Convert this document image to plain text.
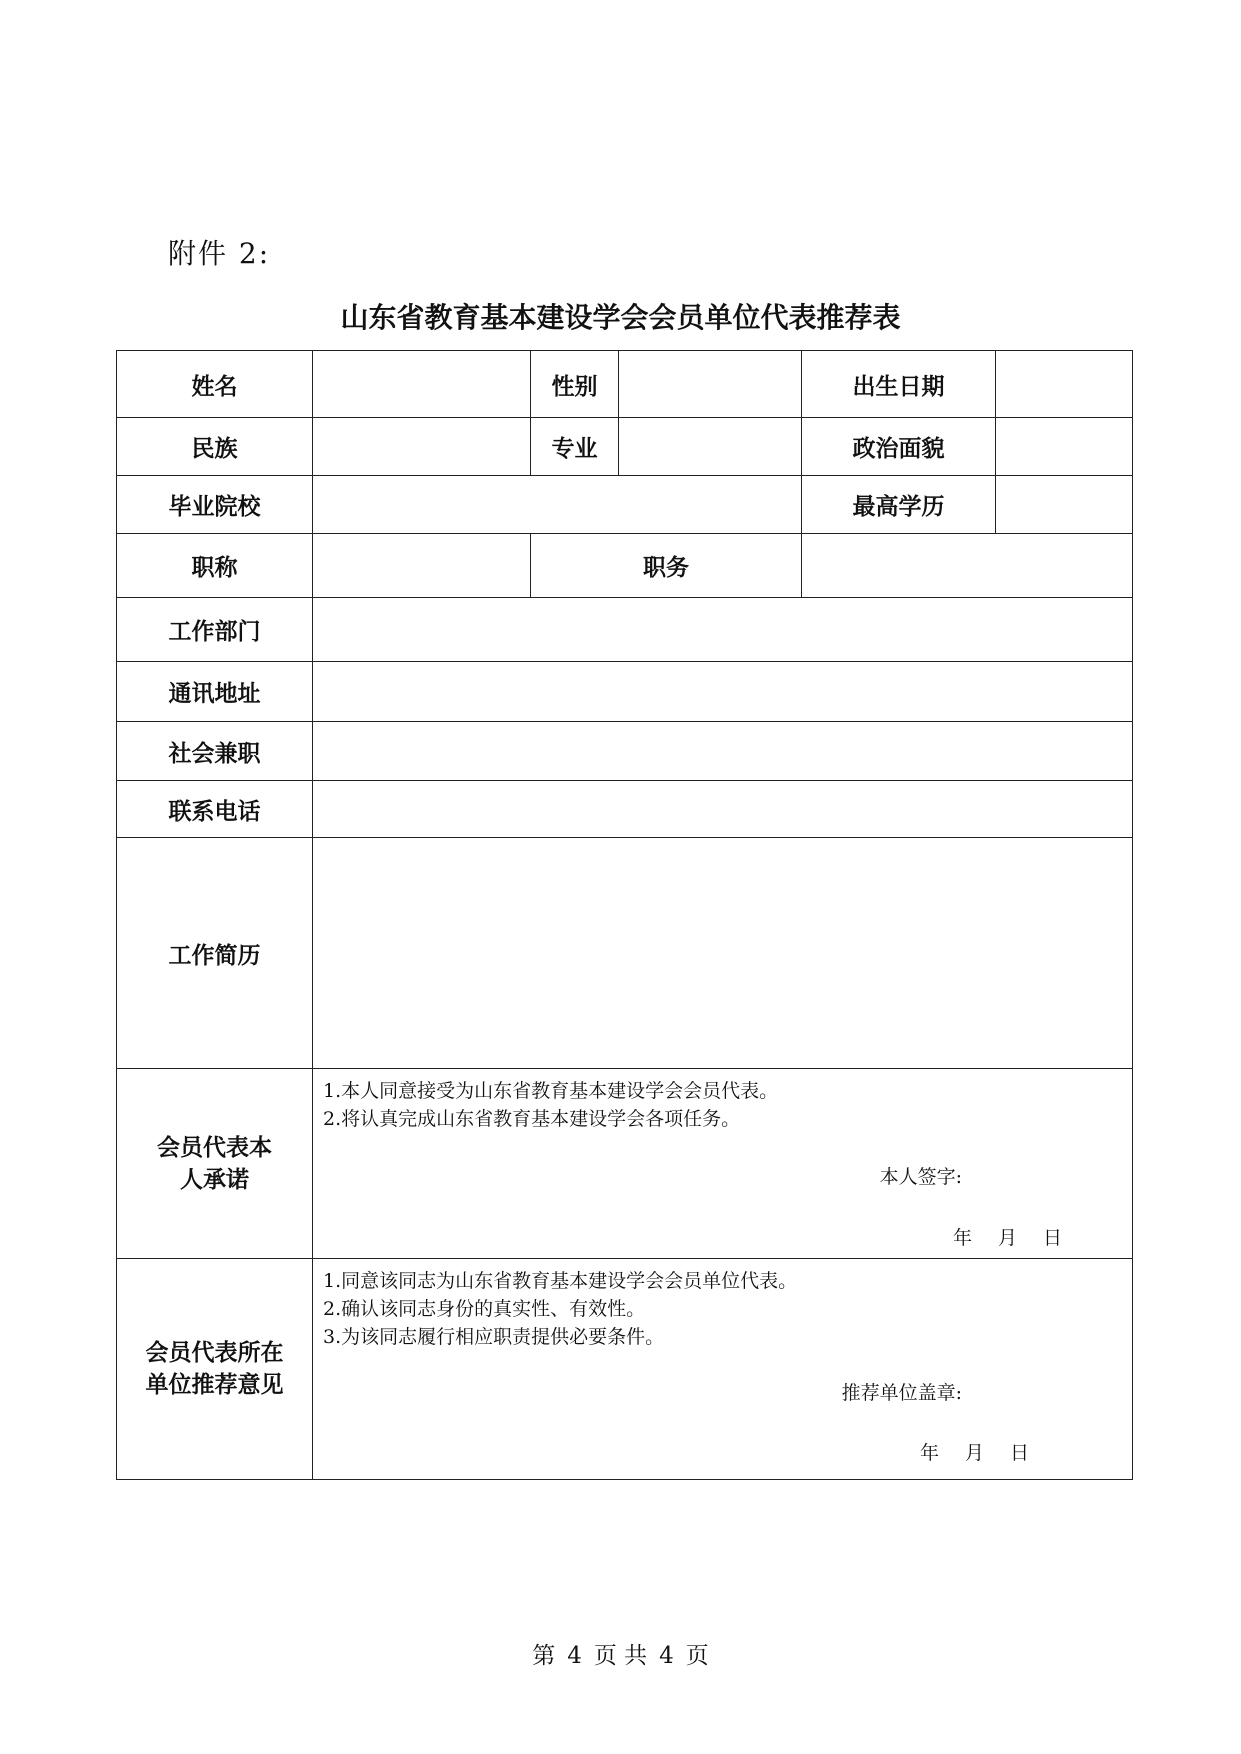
附件 2:
山东省教育基本建设学会会员单位代表推荐表
姓名		性别		出生日期	
民族		专业		政治面貌	
毕业院校				最高学历	
职称		职务			
工作部门					
通讯地址					
社会兼职					
联系电话					
工作简历					

会员代表本人承诺	1.本人同意接受为山东省教育基本建设学会会员代表。
2.将认真完成山东省教育基本建设学会各项任务。
本人签字:
年 月 日				

会员代表所在单位推荐意见	1.同意该同志为山东省教育基本建设学会会员单位代表。
2.确认该同志身份的真实性、有效性。
3.为该同志履行相应职责提供必要条件。
推荐单位盖章:
年 月 日				
第 4 页 共 4 页
